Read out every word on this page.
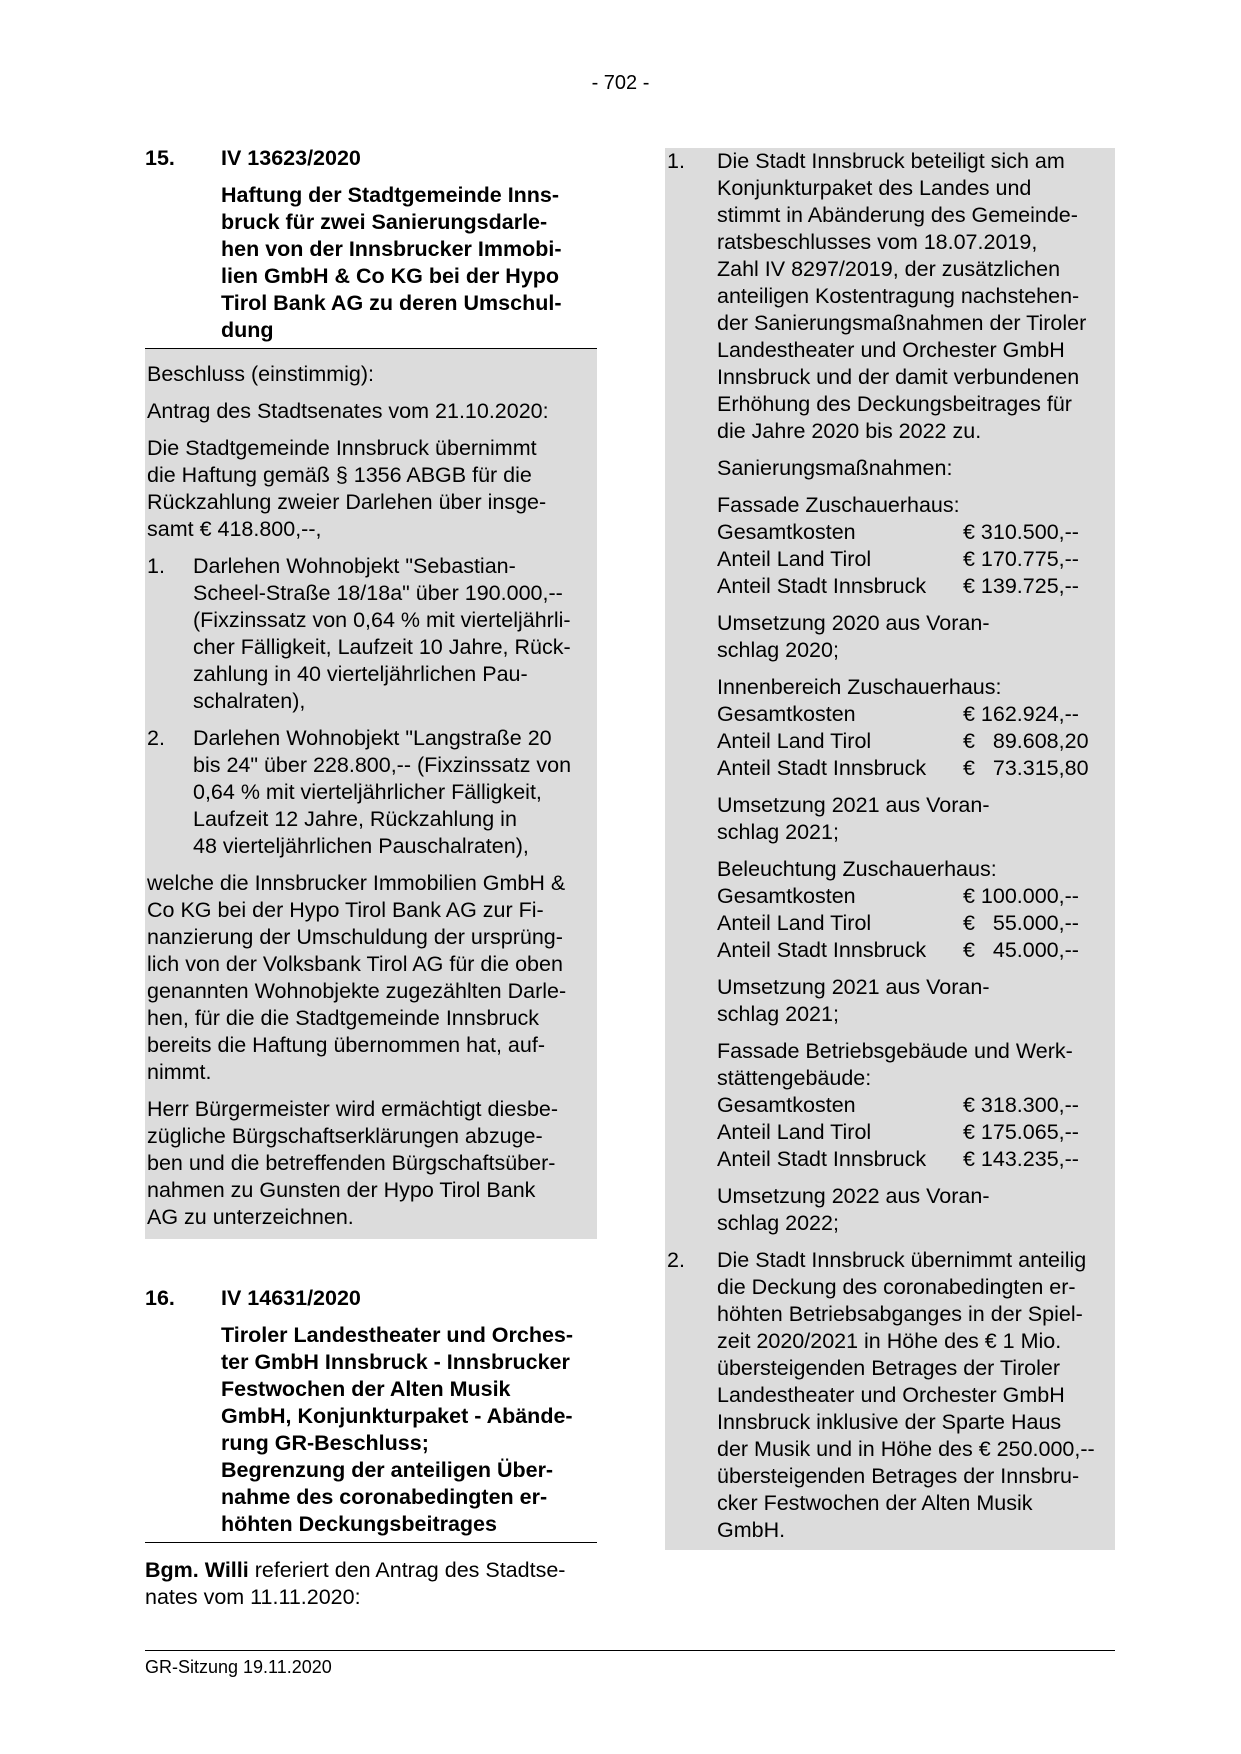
- 702 -
15.	IV 13623/2020
Haftung der Stadtgemeinde Inns-
bruck für zwei Sanierungsdarle-
hen von der Innsbrucker Immobi-
lien GmbH & Co KG bei der Hypo
Tirol Bank AG zu deren Umschul-
dung

Beschluss (einstimmig):

Antrag des Stadtsenates vom 21.10.2020:

Die Stadtgemeinde Innsbruck übernimmt
die Haftung gemäß § 1356 ABGB für die
Rückzahlung zweier Darlehen über insge-
samt € 418.800,--,
1.	Darlehen Wohnobjekt "Sebastian-
Scheel-Straße 18/18a" über 190.000,--
(Fixzinssatz von 0,64 % mit vierteljährli-
cher Fälligkeit, Laufzeit 10 Jahre, Rück-
zahlung in 40 vierteljährlichen Pau-
schalraten),
2.	Darlehen Wohnobjekt "Langstraße 20
bis 24" über 228.800,-- (Fixzinssatz von
0,64 % mit vierteljährlicher Fälligkeit,
Laufzeit 12 Jahre, Rückzahlung in
48 vierteljährlichen Pauschalraten),
welche die Innsbrucker Immobilien GmbH &
Co KG bei der Hypo Tirol Bank AG zur Fi-
nanzierung der Umschuldung der ursprüng-
lich von der Volksbank Tirol AG für die oben
genannten Wohnobjekte zugezählten Darle-
hen, für die die Stadtgemeinde Innsbruck
bereits die Haftung übernommen hat, auf-
nimmt.
Herr Bürgermeister wird ermächtigt diesbe-
zügliche Bürgschaftserklärungen abzuge-
ben und die betreffenden Bürgschaftsüber-
nahmen zu Gunsten der Hypo Tirol Bank
AG zu unterzeichnen.
16.	IV 14631/2020
Tiroler Landestheater und Orches-
ter GmbH Innsbruck - Innsbrucker
Festwochen der Alten Musik
GmbH, Konjunkturpaket - Abände-
rung GR-Beschluss;
Begrenzung der anteiligen Über-
nahme des coronabedingten er-
höhten Deckungsbeitrages

Bgm. Willi referiert den Antrag des Stadtse-

nates vom 11.11.2020:

1.	Die Stadt Innsbruck beteiligt sich am
Konjunkturpaket des Landes und
stimmt in Abänderung des Gemeinde-
ratsbeschlusses vom 18.07.2019,
Zahl IV 8297/2019, der zusätzlichen
anteiligen Kostentragung nachstehen-
der Sanierungsmaßnahmen der Tiroler
Landestheater und Orchester GmbH
Innsbruck und der damit verbundenen
Erhöhung des Deckungsbeitrages für
die Jahre 2020 bis 2022 zu.

Sanierungsmaßnahmen:

Fassade Zuschauerhaus:
Gesamtkosten	€ 310.500,--
Anteil Land Tirol	€ 170.775,--
Anteil Stadt Innsbruck	€ 139.725,--
Umsetzung 2020 aus Voran-
schlag 2020;
Innenbereich Zuschauerhaus:
Gesamtkosten	€ 162.924,--
Anteil Land Tirol	€   89.608,20
Anteil Stadt Innsbruck	€   73.315,80
Umsetzung 2021 aus Voran-
schlag 2021;
Beleuchtung Zuschauerhaus:
Gesamtkosten	€ 100.000,--
Anteil Land Tirol	€   55.000,--
Anteil Stadt Innsbruck	€   45.000,--
Umsetzung 2021 aus Voran-
schlag 2021;
Fassade Betriebsgebäude und Werk-
stättengebäude:
Gesamtkosten	€ 318.300,--
Anteil Land Tirol	€ 175.065,--
Anteil Stadt Innsbruck	€ 143.235,--
Umsetzung 2022 aus Voran-
schlag 2022;
2.	Die Stadt Innsbruck übernimmt anteilig
die Deckung des coronabedingten er-
höhten Betriebsabganges in der Spiel-
zeit 2020/2021 in Höhe des € 1 Mio.
übersteigenden Betrages der Tiroler
Landestheater und Orchester GmbH
Innsbruck inklusive der Sparte Haus
der Musik und in Höhe des € 250.000,--
übersteigenden Betrages der Innsbru-
cker Festwochen der Alten Musik
GmbH.
GR-Sitzung 19.11.2020
